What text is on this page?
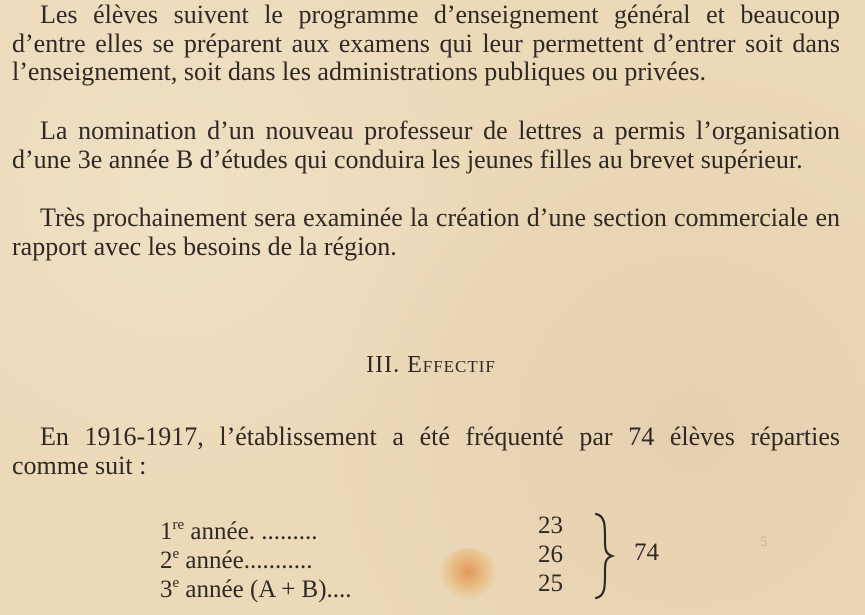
Les élèves suivent le programme d’enseignement général et beaucoup d’entre elles se préparent aux examens qui leur permettent d’entrer soit dans l’enseignement, soit dans les administrations publiques ou privées.

La nomination d’un nouveau professeur de lettres a permis l’organisation d’une 3e année B d’études qui conduira les jeunes filles au brevet supérieur.

Très prochainement sera examinée la création d’une section commerciale en rapport avec les besoins de la région.

III. Effectif

En 1916-1917, l’établissement a été fréquenté par 74 élèves réparties comme suit :

1re année. .........	23
2e année...........	26
3e année (A + B)....	25
74	5
